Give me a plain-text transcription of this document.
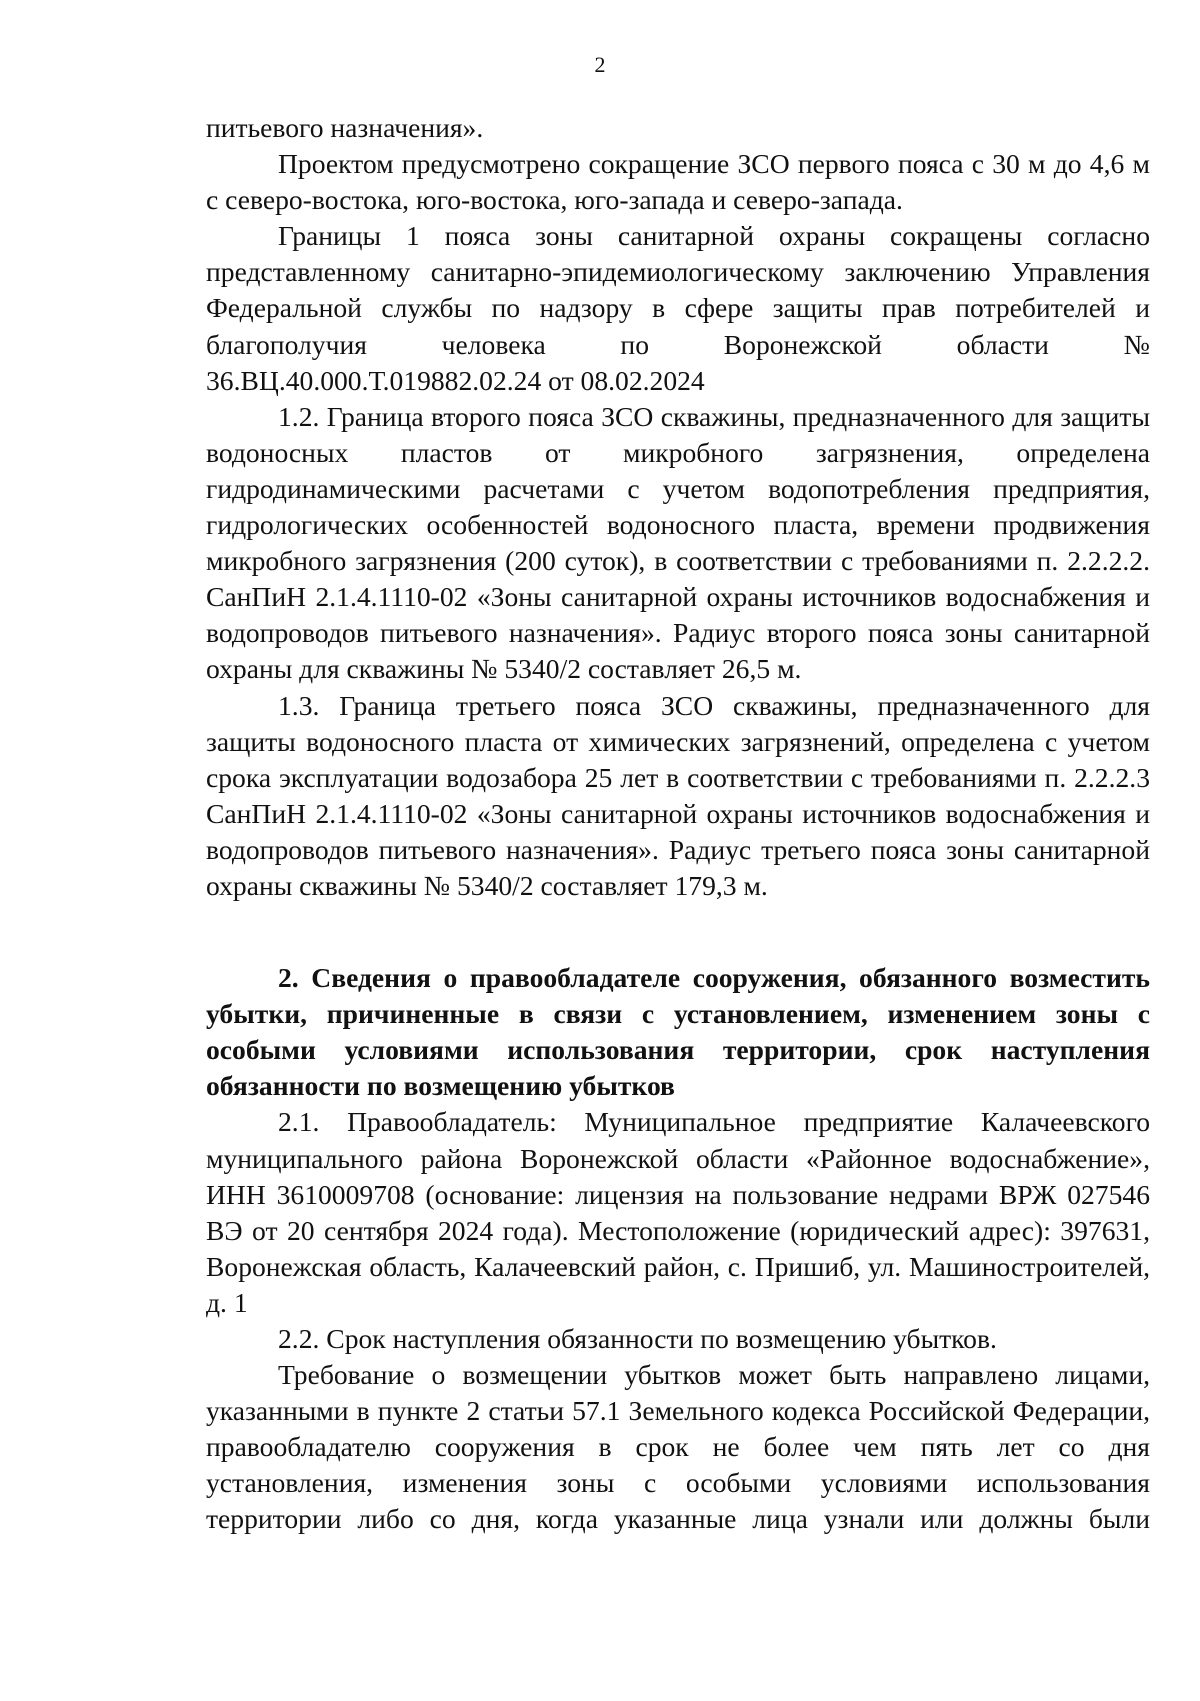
2

питьевого назначения».

Проектом предусмотрено сокращение ЗСО первого пояса с 30 м до 4,6 м с северо-востока, юго-востока, юго-запада и северо-запада.

Границы 1 пояса зоны санитарной охраны сокращены согласно представленному санитарно-эпидемиологическому заключению Управления Федеральной службы по надзору в сфере защиты прав потребителей и благополучия человека по Воронежской области № 36.ВЦ.40.000.Т.019882.02.24 от 08.02.2024

1.2. Граница второго пояса ЗСО скважины, предназначенного для защиты водоносных пластов от микробного загрязнения, определена гидродинамическими расчетами с учетом водопотребления предприятия, гидрологических особенностей водоносного пласта, времени продвижения микробного загрязнения (200 суток), в соответствии с требованиями п. 2.2.2.2. СанПиН 2.1.4.1110-02 «Зоны санитарной охраны источников водоснабжения и водопроводов питьевого назначения». Радиус второго пояса зоны санитарной охраны для скважины № 5340/2 составляет 26,5 м.

1.3. Граница третьего пояса ЗСО скважины, предназначенного для защиты водоносного пласта от химических загрязнений, определена с учетом срока эксплуатации водозабора 25 лет в соответствии с требованиями п. 2.2.2.3 СанПиН 2.1.4.1110-02 «Зоны санитарной охраны источников водоснабжения и водопроводов питьевого назначения». Радиус третьего пояса зоны санитарной охраны скважины № 5340/2 составляет 179,3 м.

2. Сведения о правообладателе сооружения, обязанного возместить убытки, причиненные в связи с установлением, изменением зоны с особыми условиями использования территории, срок наступления обязанности по возмещению убытков

2.1. Правообладатель: Муниципальное предприятие Калачеевского муниципального района Воронежской области «Районное водоснабжение», ИНН 3610009708 (основание: лицензия на пользование недрами ВРЖ 027546 ВЭ от 20 сентября 2024 года). Местоположение (юридический адрес): 397631, Воронежская область, Калачеевский район, с. Пришиб, ул. Машиностроителей, д. 1

2.2. Срок наступления обязанности по возмещению убытков.

Требование о возмещении убытков может быть направлено лицами, указанными в пункте 2 статьи 57.1 Земельного кодекса Российской Федерации, правообладателю сооружения в срок не более чем пять лет со дня установления, изменения зоны с особыми условиями использования территории либо со дня, когда указанные лица узнали или должны были
